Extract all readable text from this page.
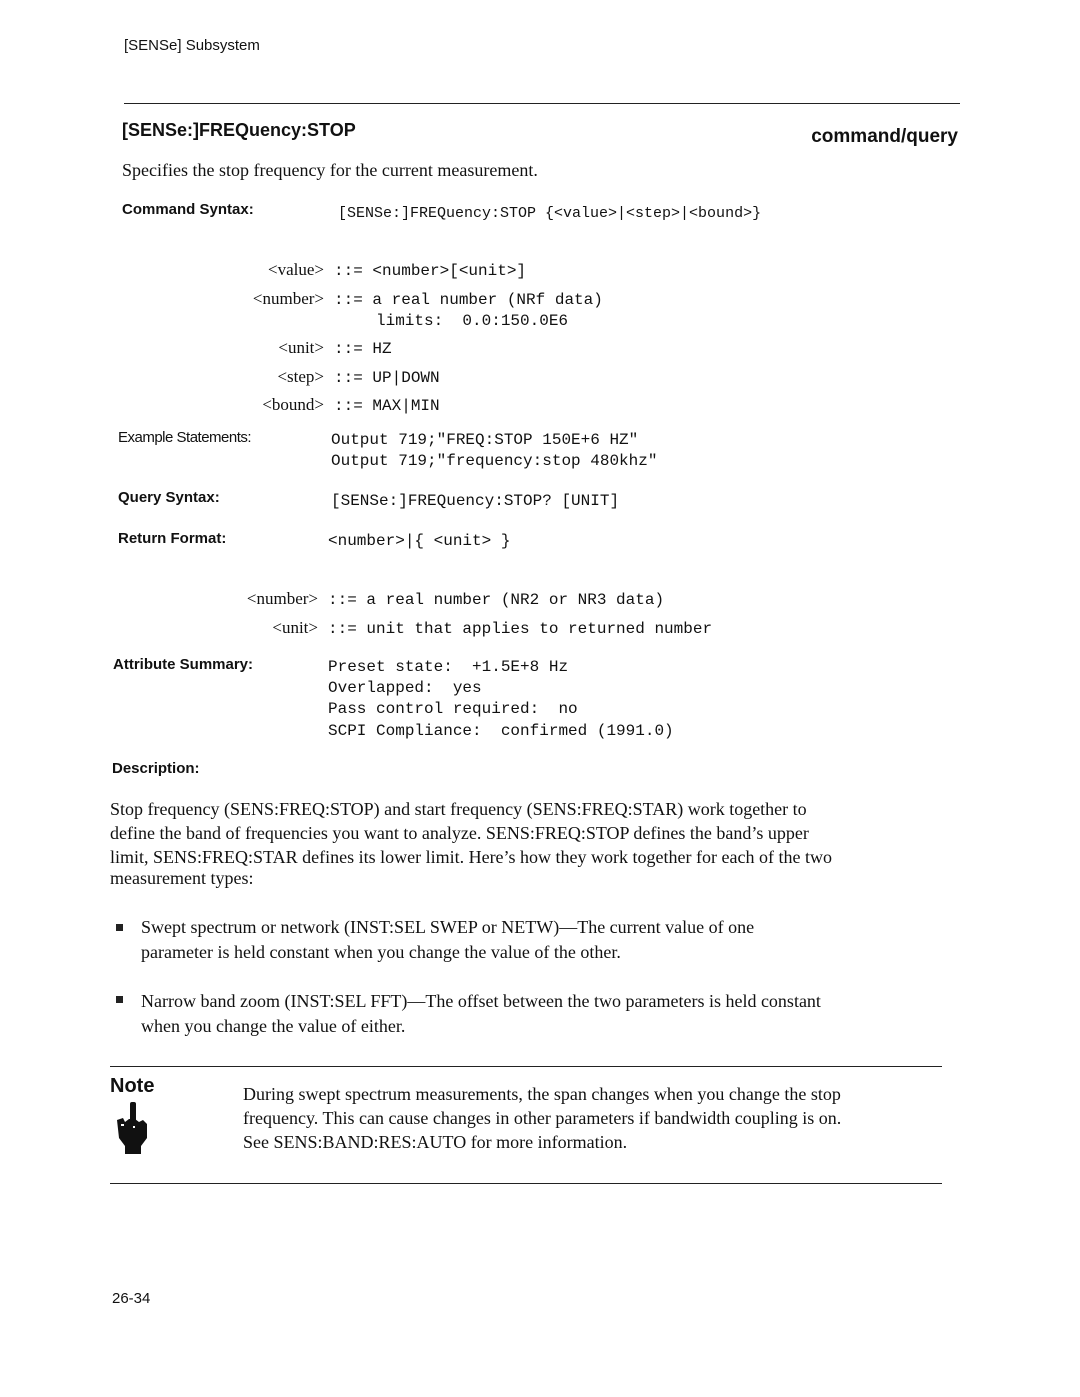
[SENSe] Subsystem
[SENSe:]FREQuency:STOP	command/query
Specifies the stop frequency for the current measurement.
Command Syntax:	[SENSe:]FREQuency:STOP {<value>|<step>|<bound>}
<value> ::= <number>[<unit>]
<number> ::= a real number (NRf data)
limits:  0.0:150.0E6
<unit> ::= HZ
<step> ::= UP|DOWN
<bound> ::= MAX|MIN
Example Statements:	Output 719;"FREQ:STOP 150E+6 HZ"
Output 719;"frequency:stop 480khz"
Query Syntax:	[SENSe:]FREQuency:STOP? [UNIT]
Return Format:	<number>|{ <unit> }
<number> ::= a real number (NR2 or NR3 data)
<unit> ::= unit that applies to returned number
Attribute Summary:	Preset state:  +1.5E+8 Hz
Overlapped:  yes
Pass control required:  no
SCPI Compliance:  confirmed (1991.0)
Description:
Stop frequency (SENS:FREQ:STOP) and start frequency (SENS:FREQ:STAR) work together to
define the band of frequencies you want to analyze. SENS:FREQ:STOP defines the band’s upper
limit, SENS:FREQ:STAR defines its lower limit. Here’s how they work together for each of the two
measurement types:
Swept spectrum or network (INST:SEL SWEP or NETW)—The current value of one
parameter is held constant when you change the value of the other.
Narrow band zoom (INST:SEL FFT)—The offset between the two parameters is held constant
when you change the value of either.
Note	During swept spectrum measurements, the span changes when you change the stop
frequency. This can cause changes in other parameters if bandwidth coupling is on.
See SENS:BAND:RES:AUTO for more information.
26-34
